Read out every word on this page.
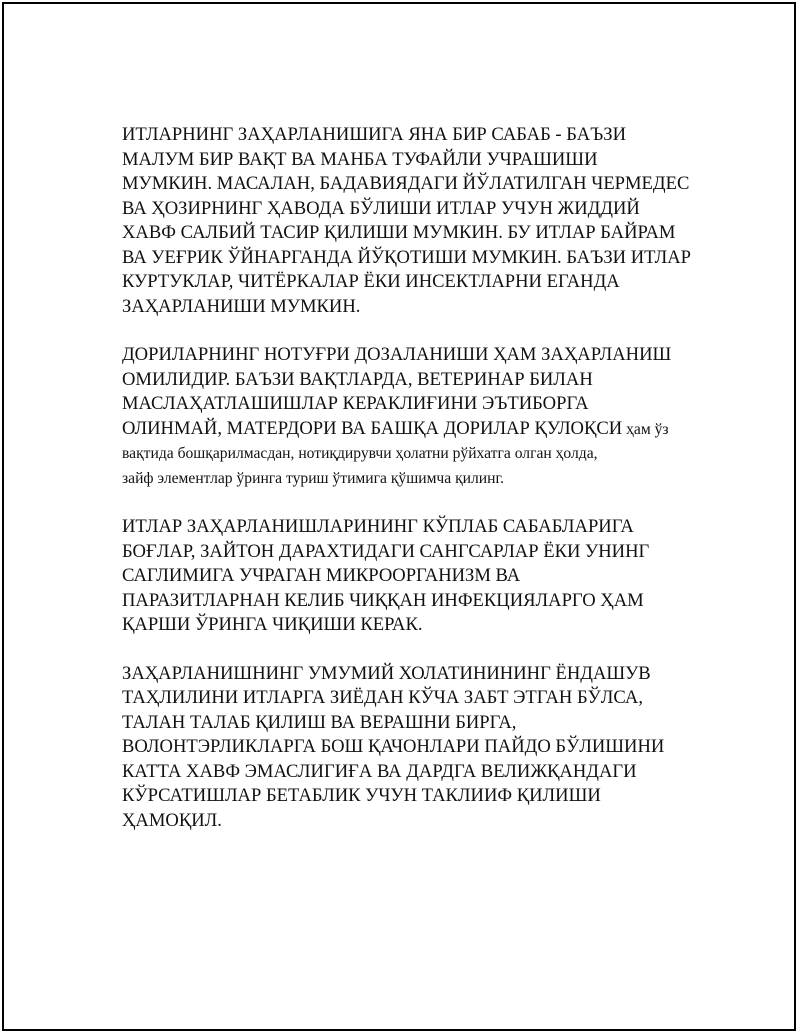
ИТЛАРНИНГ ЗАҲАРЛАНИШИГА ЯНА БИР САБАБ - БАЪЗИ
МАЛУМ БИР ВАҚТ ВА МАНБА ТУФАЙЛИ УЧРАШИШИ
МУМКИН. МАСАЛАН, БАДАВИЯДАГИ ЙЎЛАТИЛГАН ЧЕРМЕДЕС
ВА ҲОЗИРНИНГ ҲАВОДА БЎЛИШИ ИТЛАР УЧУН ЖИДДИЙ
ХАВФ САЛБИЙ ТАСИР ҚИЛИШИ МУМКИН. БУ ИТЛАР БАЙРАМ
ВА УЕҒРИК ЎЙНАРГАНДА ЙЎҚОТИШИ МУМКИН. БАЪЗИ ИТЛАР
КУРТУКЛАР, ЧИТЁРКАЛАР ЁКИ ИНСЕКТЛАРНИ ЕГАНДА
ЗАҲАРЛАНИШИ МУМКИН.
ДОРИЛАРНИНГ НОТУҒРИ ДОЗАЛАНИШИ ҲАМ ЗАҲАРЛАНИШ
ОМИЛИДИР. БАЪЗИ ВАҚТЛАРДА, ВЕТЕРИНАР БИЛАН
МАСЛАҲАТЛАШИШЛАР КЕРАКЛИҒИНИ ЭЪТИБОРГА
ОЛИНМАЙ, МАТЕРДОРИ ВА БАШҚА ДОРИЛАР ҚУЛОҚСИ ҳам ўз
вақтида бошқарилмасдан, нотиқдирувчи ҳолатни рўйхатга олган ҳолда,
зайф элементлар ўрингa туриш ўтимига қўшимча қилинг.
ИТЛАР ЗАҲАРЛАНИШЛАРИНИНГ КЎПЛАБ САБАБЛАРИГА
БОҒЛАР, ЗАЙТОН ДАРАХТИДАГИ САНГСАРЛАР ЁКИ УНИНГ
САГЛИМИГА УЧРАГАН МИКРООРГАНИЗМ ВА
ПАРАЗИТЛАРНАН КЕЛИБ ЧИҚҚАН ИНФЕКЦИЯЛАРГО ҲАМ
ҚАРШИ ЎРИНГА ЧИҚИШИ КЕРАК.
ЗАҲАРЛАНИШНИНГ УМУМИЙ ХОЛАТИНИНИНГ ЁНДАШУВ
ТАҲЛИЛИНИ ИТЛАРГА ЗИЁДАН КЎЧА ЗАБТ ЭТГАН БЎЛСА,
ТАЛАН ТАЛАБ ҚИЛИШ ВА ВЕРАШНИ БИРГА,
ВОЛОНТЭРЛИКЛАРГА БОШ ҚАЧОНЛАРИ ПАЙДО БЎЛИШИНИ
КАТТА ХАВФ ЭМАСЛИГИҒА ВА ДАРДГА ВЕЛИЖҚАНДАГИ
КЎРСАТИШЛАР БЕТАБЛИК УЧУН ТАКЛИИФ ҚИЛИШИ
ҲАМОҚИЛ.
